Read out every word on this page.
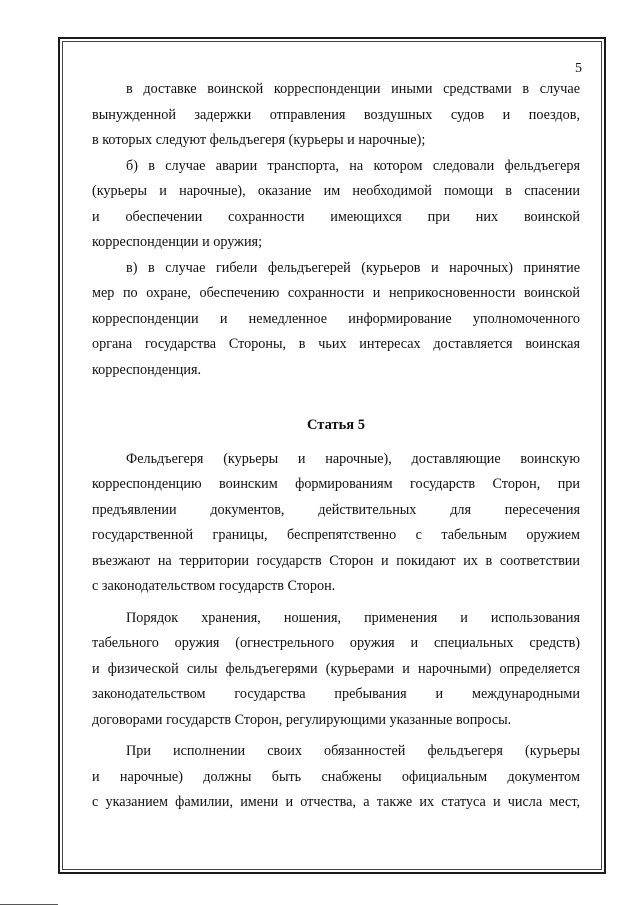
5
в доставке воинской корреспонденции иными средствами в случае
вынужденной задержки отправления воздушных судов и поездов,
в которых следуют фельдъегеря (курьеры и нарочные);
б) в случае аварии транспорта, на котором следовали фельдъегеря
(курьеры и нарочные), оказание им необходимой помощи в спасении
и обеспечении сохранности имеющихся при них воинской
корреспонденции и оружия;
в) в случае гибели фельдъегерей (курьеров и нарочных) принятие
мер по охране, обеспечению сохранности и неприкосновенности воинской
корреспонденции и немедленное информирование уполномоченного
органа государства Стороны, в чьих интересах доставляется воинская
корреспонденция.
Статья 5
Фельдъегеря (курьеры и нарочные), доставляющие воинскую
корреспонденцию воинским формированиям государств Сторон, при
предъявлении документов, действительных для пересечения
государственной границы, беспрепятственно с табельным оружием
въезжают на территории государств Сторон и покидают их в соответствии
с законодательством государств Сторон.
Порядок хранения, ношения, применения и использования
табельного оружия (огнестрельного оружия и специальных средств)
и физической силы фельдъегерями (курьерами и нарочными) определяется
законодательством государства пребывания и международными
договорами государств Сторон, регулирующими указанные вопросы.
При исполнении своих обязанностей фельдъегеря (курьеры
и нарочные) должны быть снабжены официальным документом
с указанием фамилии, имени и отчества, а также их статуса и числа мест,
